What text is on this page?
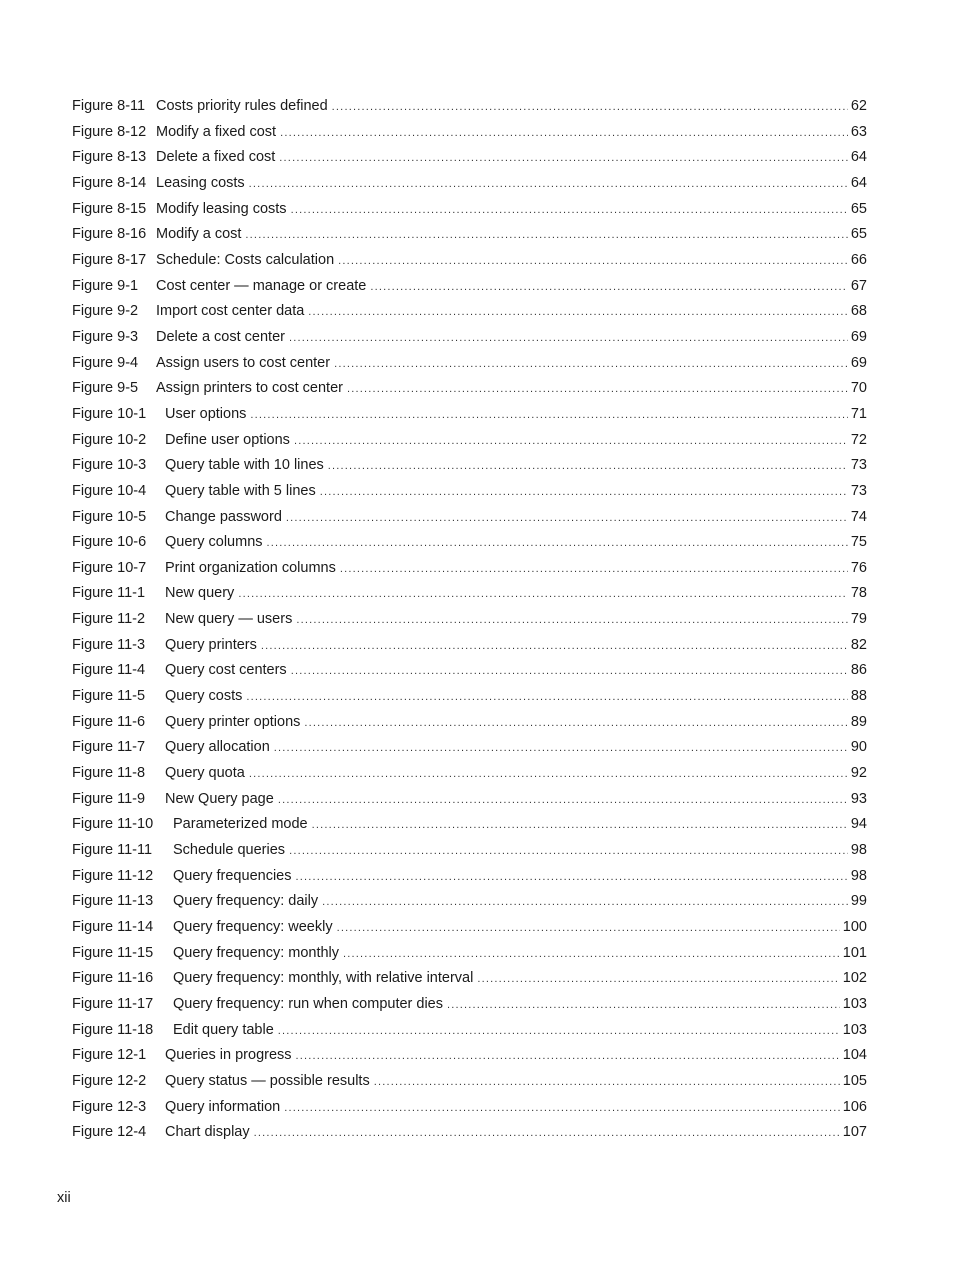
Figure 8-11 Costs priority rules defined .....	62
Figure 8-12 Modify a fixed cost .....	63
Figure 8-13 Delete a fixed cost .....	64
Figure 8-14 Leasing costs .....	64
Figure 8-15 Modify leasing costs .....	65
Figure 8-16 Modify a cost .....	65
Figure 8-17 Schedule: Costs calculation .....	66
Figure 9-1	Cost center — manage or create .....	67
Figure 9-2	Import cost center data .....	68
Figure 9-3	Delete a cost center .....	69
Figure 9-4	Assign users to cost center .....	69
Figure 9-5	Assign printers to cost center .....	70
Figure 10-1	User options .....	71
Figure 10-2	Define user options .....	72
Figure 10-3	Query table with 10 lines .....	73
Figure 10-4	Query table with 5 lines .....	73
Figure 10-5	Change password .....	74
Figure 10-6	Query columns .....	75
Figure 10-7	Print organization columns .....	76
Figure 11-1	New query .....	78
Figure 11-2	New query — users .....	79
Figure 11-3	Query printers .....	82
Figure 11-4	Query cost centers .....	86
Figure 11-5	Query costs .....	88
Figure 11-6	Query printer options .....	89
Figure 11-7	Query allocation .....	90
Figure 11-8	Query quota .....	92
Figure 11-9	New Query page .....	93
Figure 11-10	Parameterized mode .....	94
Figure 11-11	Schedule queries .....	98
Figure 11-12	Query frequencies .....	98
Figure 11-13	Query frequency: daily .....	99
Figure 11-14	Query frequency: weekly .....	100
Figure 11-15	Query frequency: monthly .....	101
Figure 11-16	Query frequency: monthly, with relative interval .....	102
Figure 11-17	Query frequency: run when computer dies .....	103
Figure 11-18	Edit query table .....	103
Figure 12-1	Queries in progress .....	104
Figure 12-2	Query status — possible results .....	105
Figure 12-3	Query information .....	106
Figure 12-4	Chart display .....	107
xii
